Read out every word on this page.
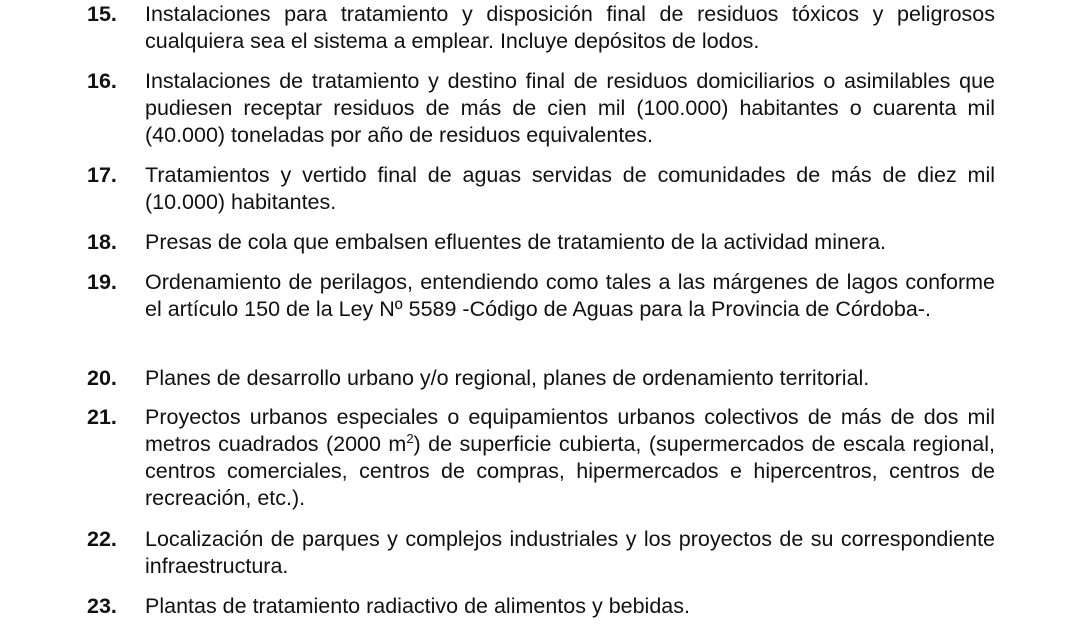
15.	Instalaciones para tratamiento y disposición final de residuos tóxicos y peligrosos cualquiera sea el sistema a emplear. Incluye depósitos de lodos.
16.	Instalaciones de tratamiento y destino final de residuos domiciliarios o asimilables que pudiesen receptar residuos de más de cien mil (100.000) habitantes o cuarenta mil (40.000) toneladas por año de residuos equivalentes.
17.	Tratamientos y vertido final de aguas servidas de comunidades de más de diez mil (10.000) habitantes.
18.	Presas de cola que embalsen efluentes de tratamiento de la actividad minera.
19.	Ordenamiento de perilagos, entendiendo como tales a las márgenes de lagos conforme el artículo 150 de la Ley Nº 5589 -Código de Aguas para la Provincia de Córdoba-.
20.	Planes de desarrollo urbano y/o regional, planes de ordenamiento territorial.
21.	Proyectos urbanos especiales o equipamientos urbanos colectivos de más de dos mil metros cuadrados (2000 $m^2$) de superficie cubierta, (supermercados de escala regional, centros comerciales, centros de compras, hipermercados e hipercentros, centros de recreación, etc.).
22.	Localización de parques y complejos industriales y los proyectos de su correspondiente infraestructura.
23.	Plantas de tratamiento radiactivo de alimentos y bebidas.
